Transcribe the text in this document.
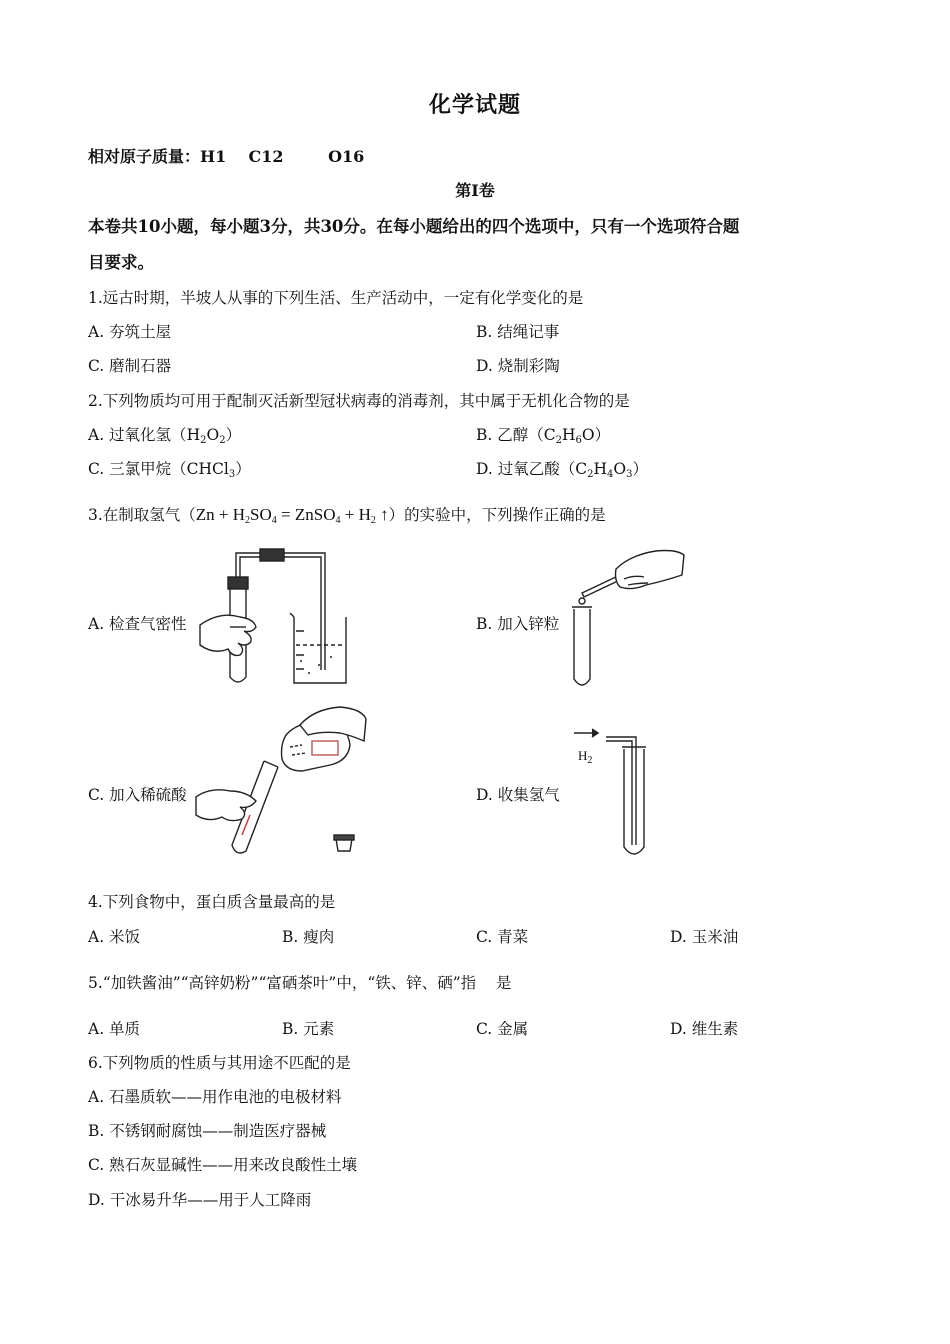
化学试题
相对原子质量：H1    C12        O16
第Ⅰ卷
本卷共10小题，每小题3分，共30分。在每小题给出的四个选项中，只有一个选项符合题
目要求。
1.远古时期，半坡人从事的下列生活、生产活动中，一定有化学变化的是
A. 夯筑土屋	B. 结绳记事
C. 磨制石器	D. 烧制彩陶
2.下列物质均可用于配制灭活新型冠状病毒的消毒剂，其中属于无机化合物的是
A. 过氧化氢$(H_2O_2)$	B. 乙醇$(C_2H_6O)$
C. 三氯甲烷（CHCl$_3$）	D. 过氧乙酸$(C_2H_4O_3)$
3.在制取氢气（$Zn + H_2SO_4$ = ZnSO$_4$ + $H_2$ ↑）的实验中，下列操作正确的是
A. 检查气密性	B. 加入锌粒
C. 加入稀硫酸	D. 收集氢气
$H_2$
4.下列食物中，蛋白质含量最高的是
A. 米饭	B. 瘦肉	C. 青菜	D. 玉米油
5.“加铁酱油”“高锌奶粉”“富硒茶叶”中，“铁、锌、硒”指    是
A. 单质	B. 元素	C. 金属	D. 维生素
6.下列物质的性质与其用途不匹配的是
A. 石墨质软——用作电池的电极材料
B. 不锈钢耐腐蚀——制造医疗器械
C. 熟石灰显碱性——用来改良酸性土壤
D. 干冰易升华——用于人工降雨
